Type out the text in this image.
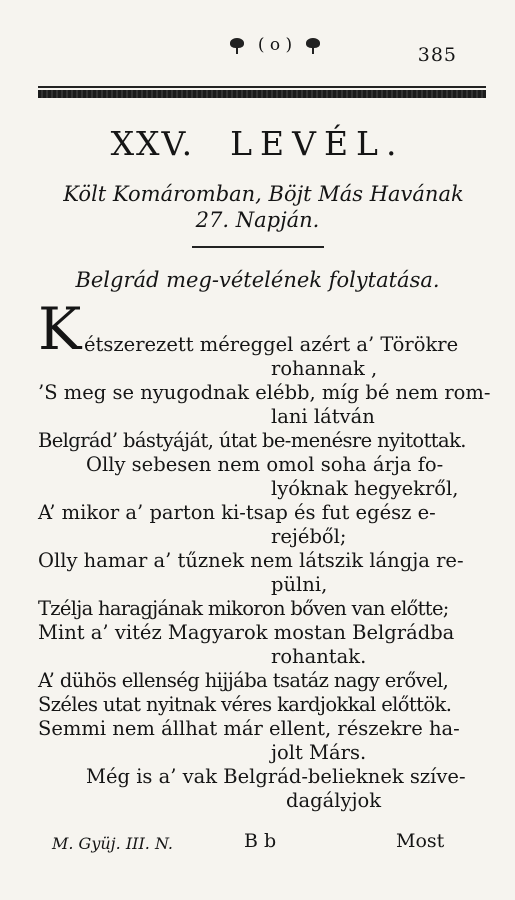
( o )	385
XXV. LEVÉL.
Költ Komáromban, Böjt Más Havának
27. Napján.
Belgrád meg-vételének folytatása.
K étszerezett méreggel azért a’ Törökre
rohannak ,
’S meg se nyugodnak elébb, míg bé nem rom-
lani látván
Belgrád’ bástyáját, útat be-menésre nyitottak.
Olly sebesen nem omol soha árja fo-
lyóknak hegyekről,
A’ mikor a’ parton ki-tsap és fut egész e-
rejéből;
Olly hamar a’ tűznek nem látszik lángja re-
pülni,
Tzélja haragjának mikoron bőven van előtte;
Mint a’ vitéz Magyarok mostan Belgrádba
rohantak.
A’ dühös ellenség hijjába tsatáz nagy erővel,
Széles utat nyitnak véres kardjokkal előttök.
Semmi nem állhat már ellent, részekre ha-
jolt Márs.
Még is a’ vak Belgrád-belieknek szíve-
dagályjok
M. Gyüj. III. N.	B b	Most
